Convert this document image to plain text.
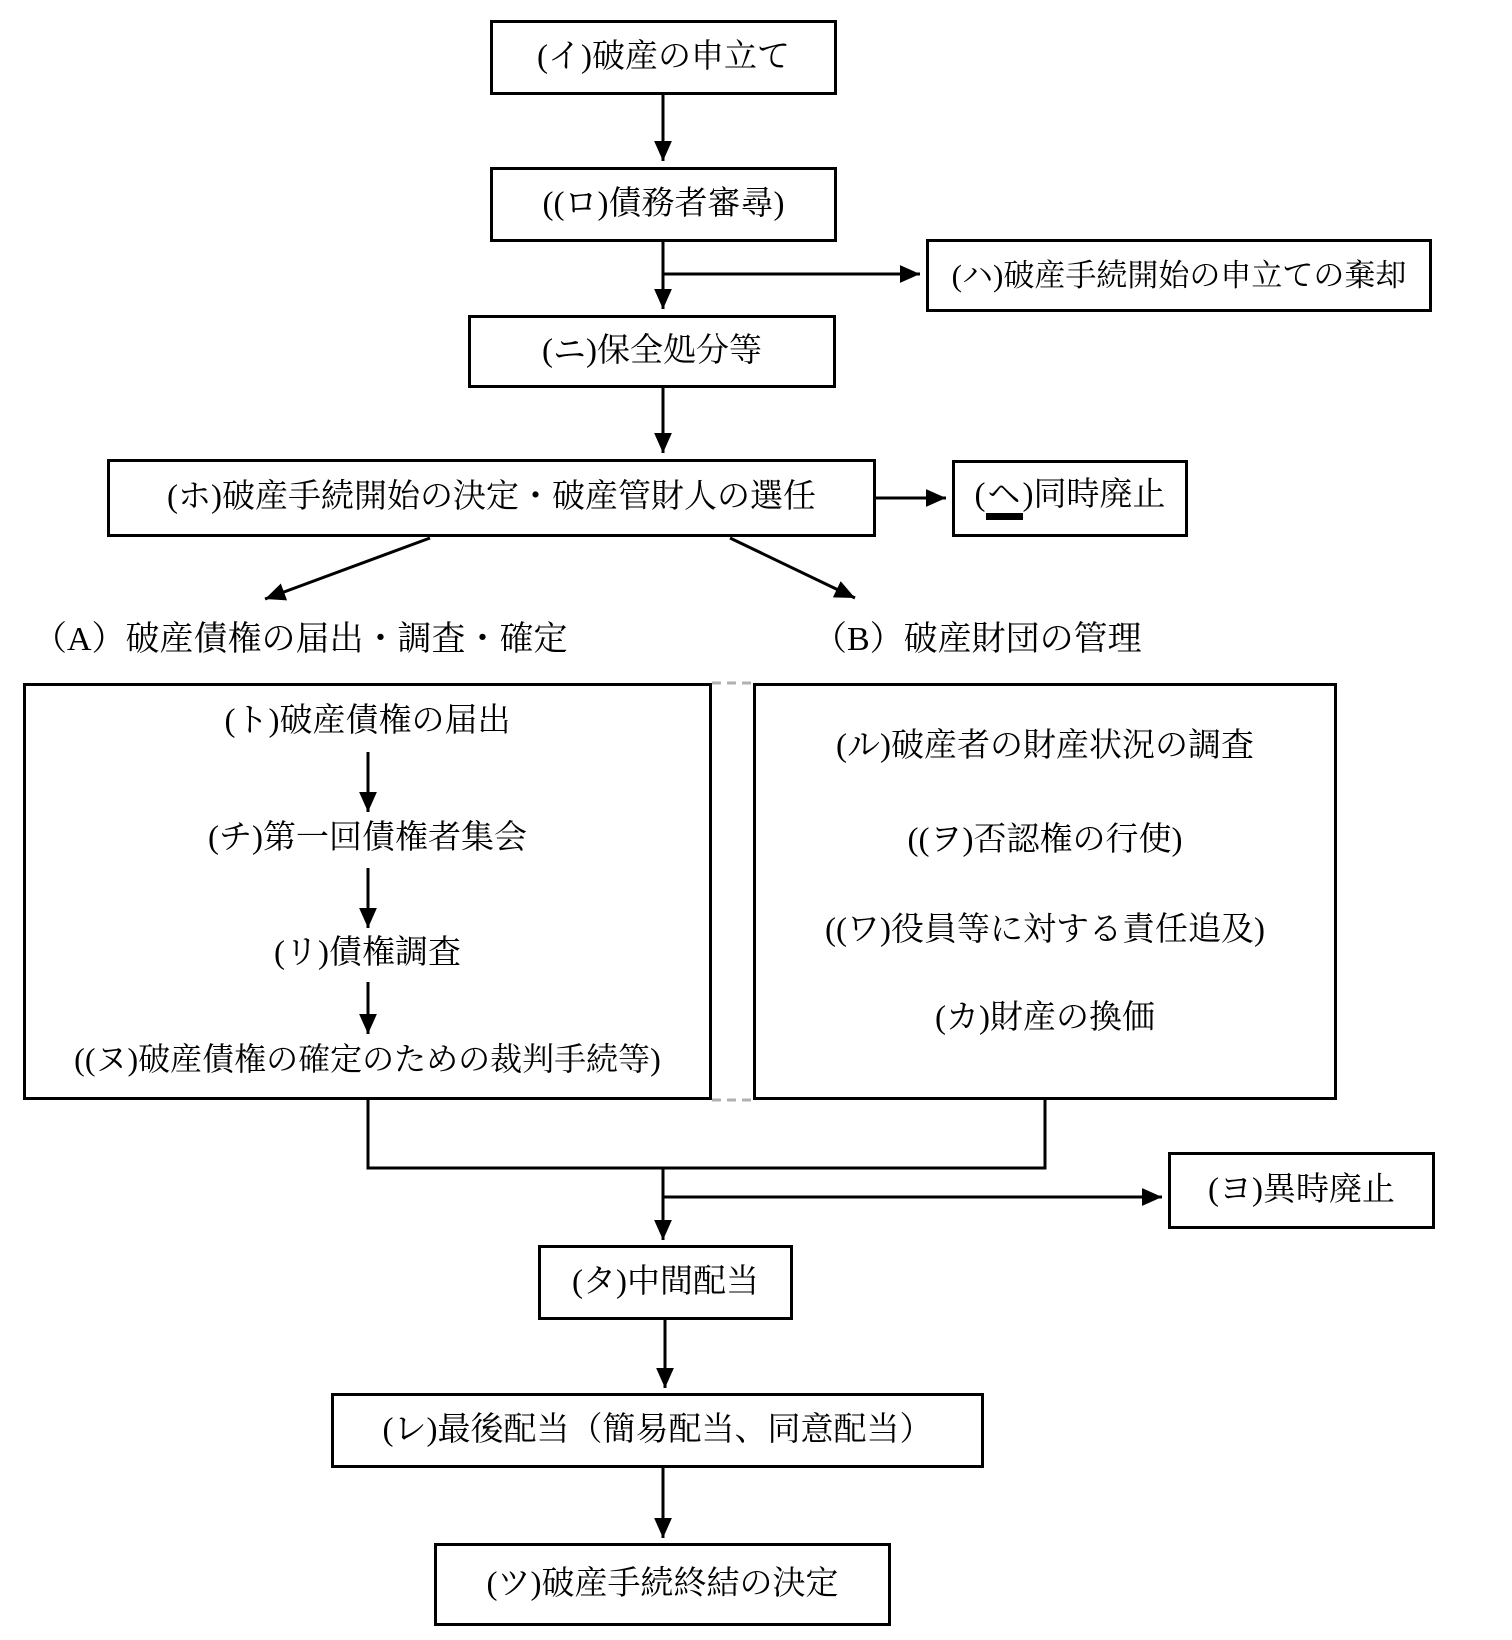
(イ)破産の申立て
((ロ)債務者審尋)
(ハ)破産手続開始の申立ての棄却
(ニ)保全処分等
(ホ)破産手続開始の決定・破産管財人の選任	(ヘ)同時廃止
（A）破産債権の届出・調査・確定	（B）破産財団の管理
(ト)破産債権の届出
(チ)第一回債権者集会
(リ)債権調査
((ヌ)破産債権の確定のための裁判手続等)
(ル)破産者の財産状況の調査
((ヲ)否認権の行使)
((ワ)役員等に対する責任追及)
(カ)財産の換価
(ヨ)異時廃止
(タ)中間配当
(レ)最後配当（簡易配当、同意配当）
(ツ)破産手続終結の決定
